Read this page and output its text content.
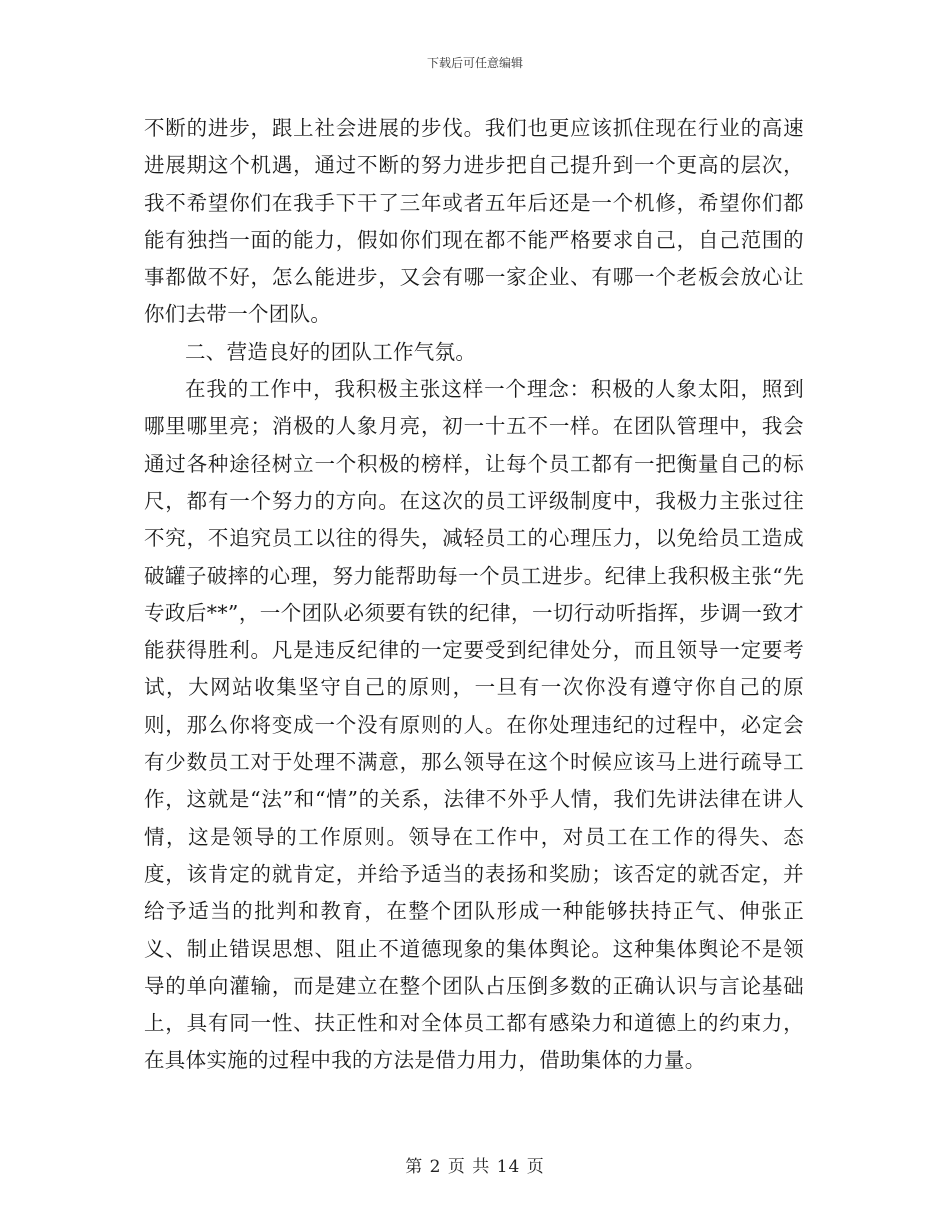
下载后可任意编辑

不断的进步，跟上社会进展的步伐。我们也更应该抓住现在行业的高速进展期这个机遇，通过不断的努力进步把自己提升到一个更高的层次，我不希望你们在我手下干了三年或者五年后还是一个机修，希望你们都能有独挡一面的能力，假如你们现在都不能严格要求自己，自己范围的事都做不好，怎么能进步，又会有哪一家企业、有哪一个老板会放心让你们去带一个团队。

二、营造良好的团队工作气氛。

在我的工作中，我积极主张这样一个理念：积极的人象太阳，照到哪里哪里亮；消极的人象月亮，初一十五不一样。在团队管理中，我会通过各种途径树立一个积极的榜样，让每个员工都有一把衡量自己的标尺，都有一个努力的方向。在这次的员工评级制度中，我极力主张过往不究，不追究员工以往的得失，减轻员工的心理压力，以免给员工造成破罐子破摔的心理，努力能帮助每一个员工进步。纪律上我积极主张“先专政后**”，一个团队必须要有铁的纪律，一切行动听指挥，步调一致才能获得胜利。凡是违反纪律的一定要受到纪律处分，而且领导一定要考试，大网站收集坚守自己的原则，一旦有一次你没有遵守你自己的原则，那么你将变成一个没有原则的人。在你处理违纪的过程中，必定会有少数员工对于处理不满意，那么领导在这个时候应该马上进行疏导工作，这就是“法”和“情”的关系，法律不外乎人情，我们先讲法律在讲人情，这是领导的工作原则。领导在工作中，对员工在工作的得失、态度，该肯定的就肯定，并给予适当的表扬和奖励；该否定的就否定，并给予适当的批判和教育，在整个团队形成一种能够扶持正气、伸张正义、制止错误思想、阻止不道德现象的集体舆论。这种集体舆论不是领导的单向灌输，而是建立在整个团队占压倒多数的正确认识与言论基础上，具有同一性、扶正性和对全体员工都有感染力和道德上的约束力，在具体实施的过程中我的方法是借力用力，借助集体的力量。

第 2 页 共 14 页
